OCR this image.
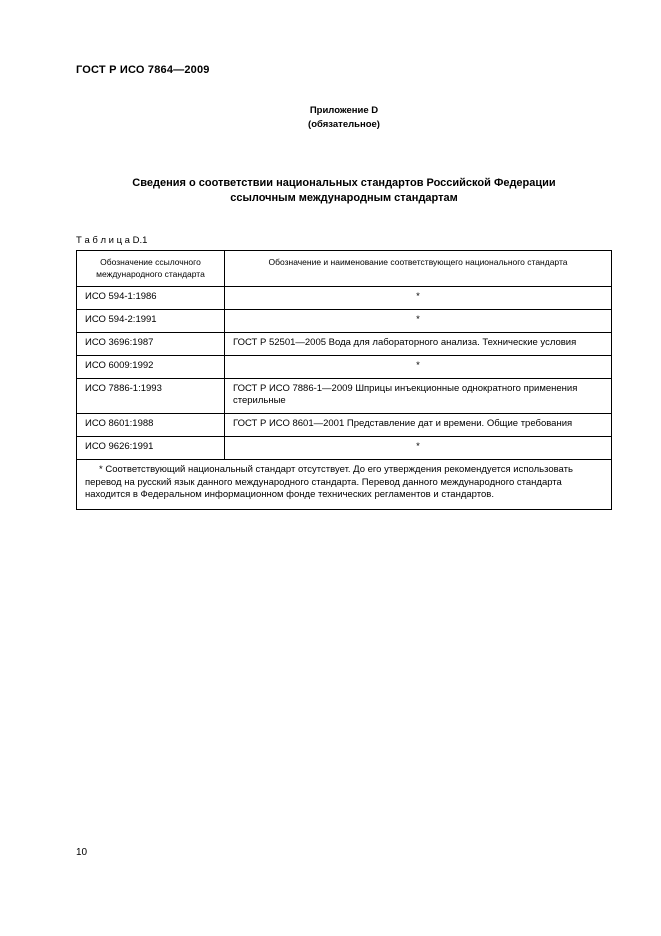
ГОСТ Р ИСО 7864—2009
Приложение D
(обязательное)
Сведения о соответствии национальных стандартов Российской Федерации
ссылочным международным стандартам
Т а б л и ц а D.1
Обозначение ссылочного международного стандарта	Обозначение и наименование соответствующего национального стандарта
ИСО 594-1:1986	*
ИСО 594-2:1991	*
ИСО 3696:1987	ГОСТ Р 52501—2005 Вода для лабораторного анализа. Технические условия
ИСО 6009:1992	*
ИСО 7886-1:1993	ГОСТ Р ИСО 7886-1—2009 Шприцы инъекционные однократного применения стерильные
ИСО 8601:1988	ГОСТ Р ИСО 8601—2001 Представление дат и времени. Общие требования
ИСО 9626:1991	*
* Соответствующий национальный стандарт отсутствует. До его утверждения рекомендуется использовать перевод на русский язык данного международного стандарта. Перевод данного международного стандарта находится в Федеральном информационном фонде технических регламентов и стандартов.	
10
